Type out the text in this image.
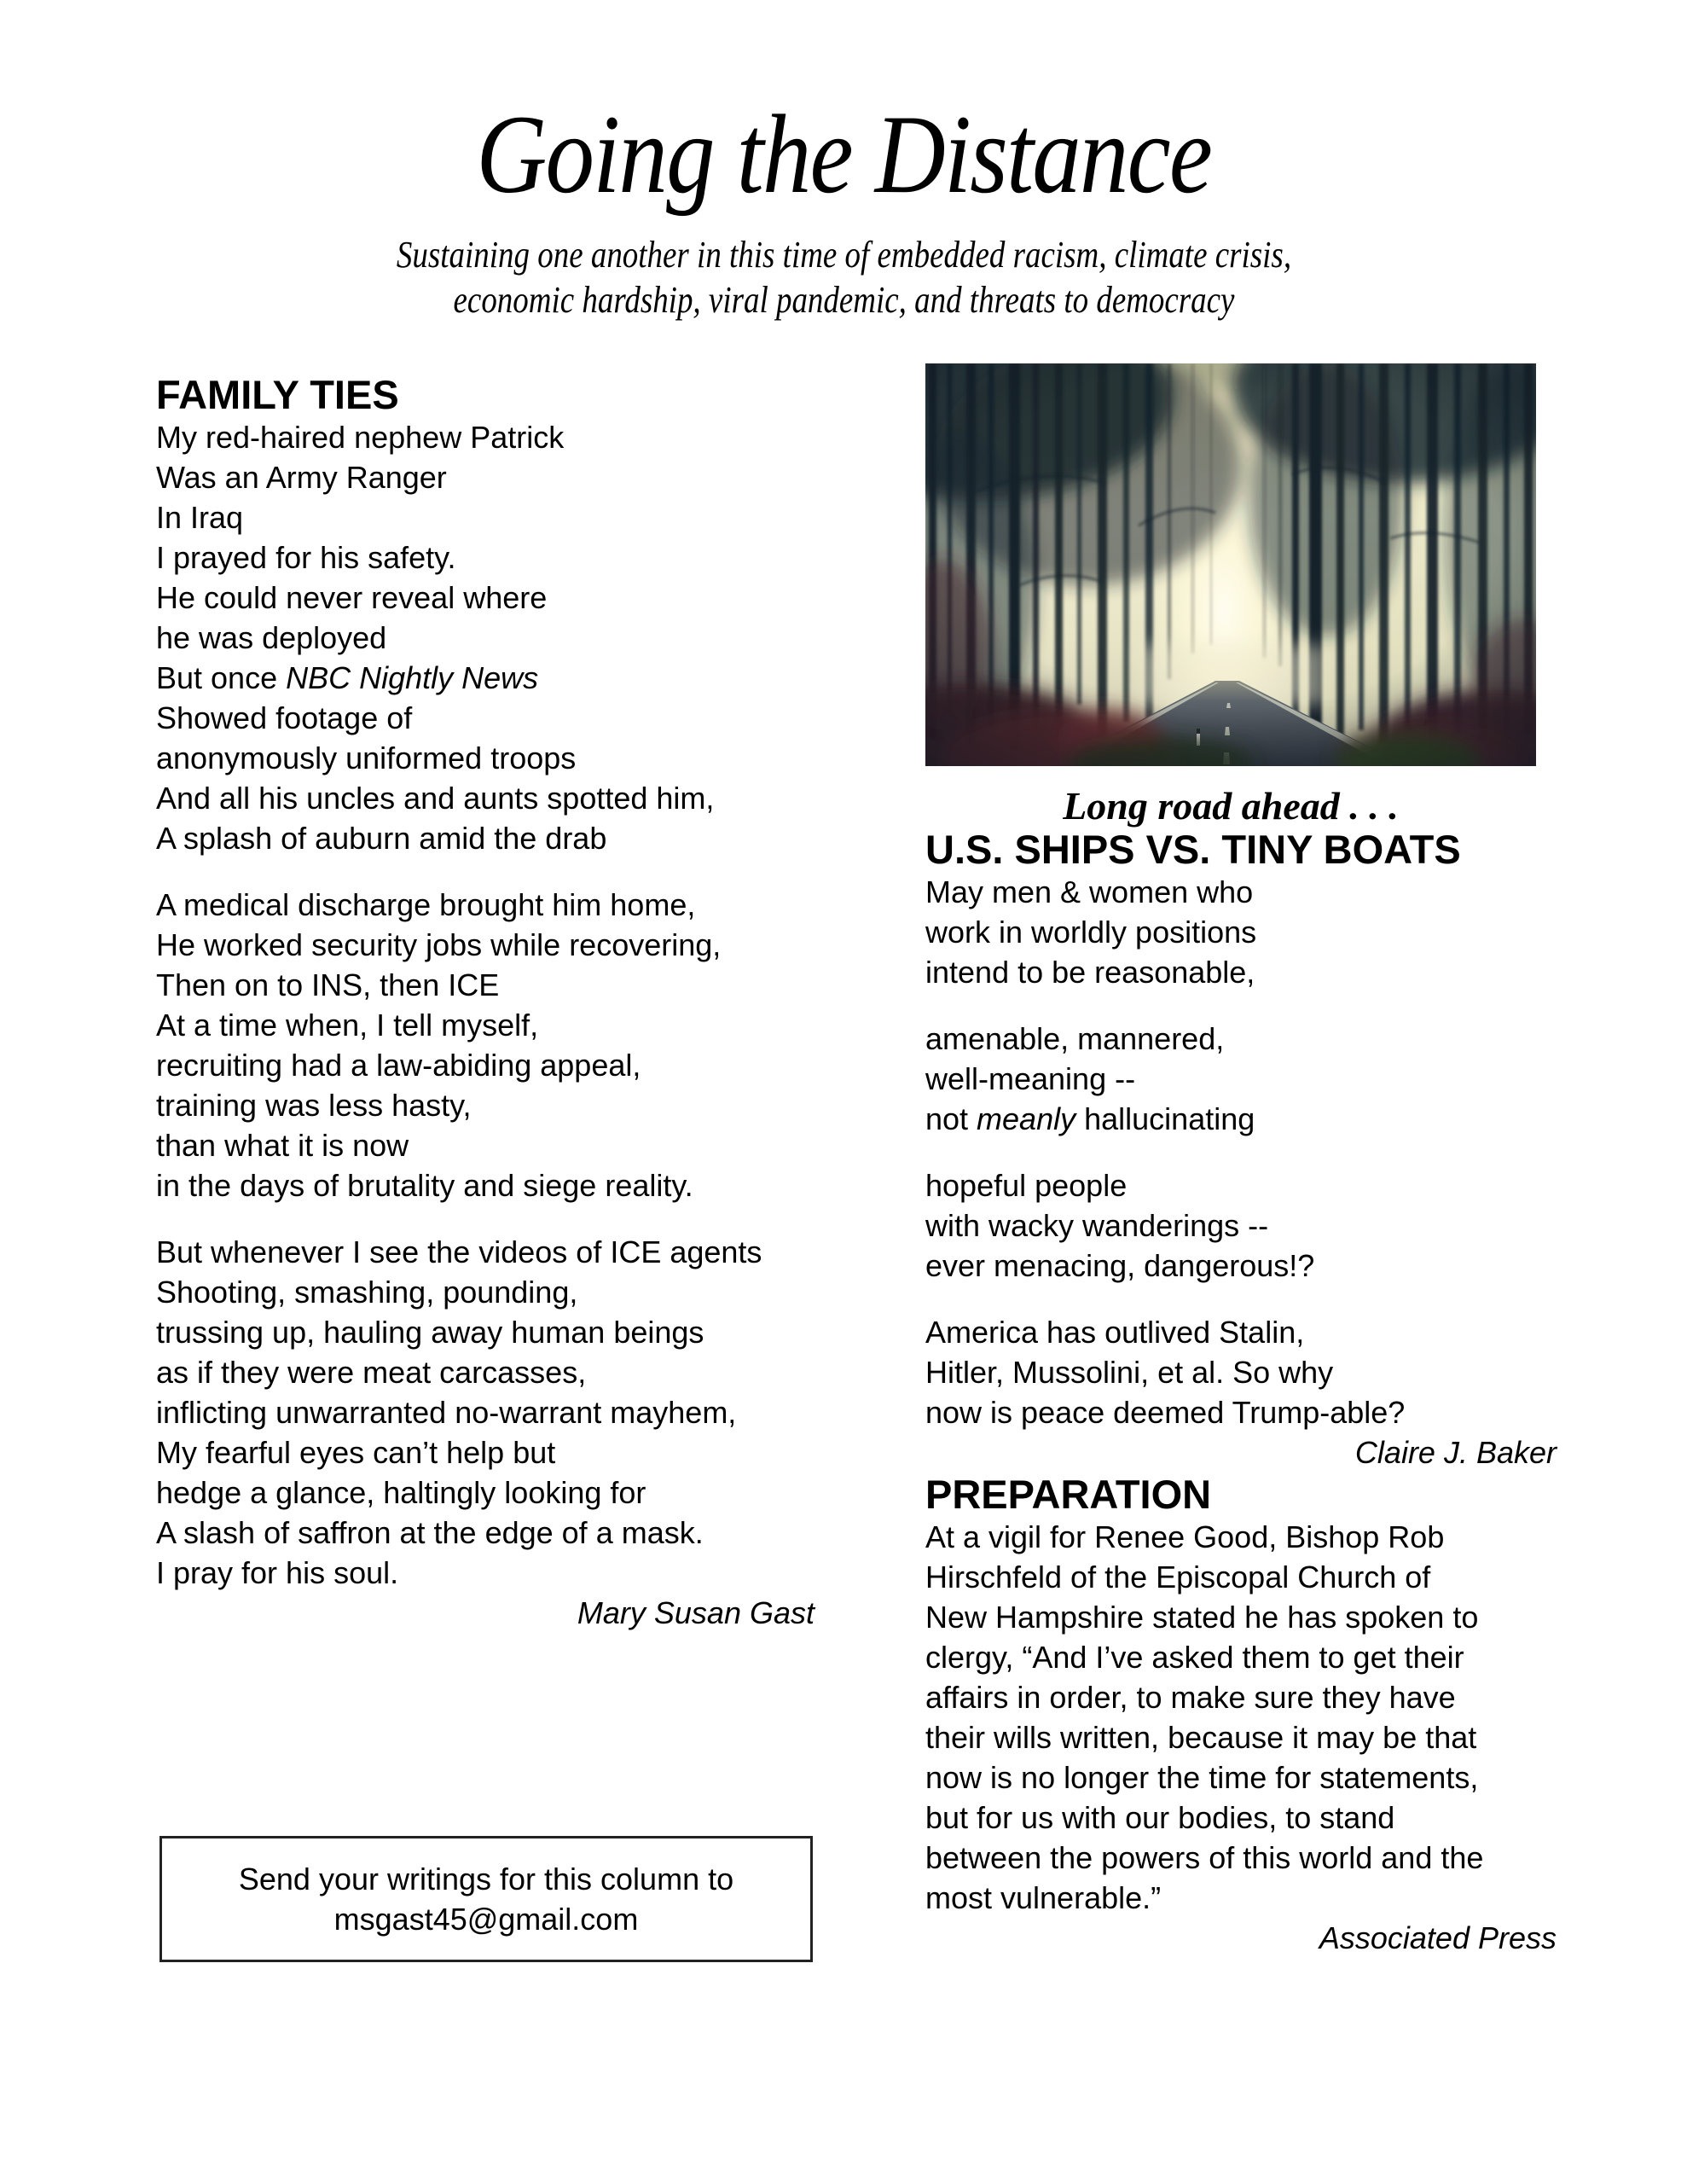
Going the Distance
Sustaining one another in this time of embedded racism, climate crisis,
economic hardship, viral pandemic, and threats to democracy
FAMILY TIES
My red-haired nephew Patrick
Was an Army Ranger
In Iraq
I prayed for his safety.
He could never reveal where
he was deployed
But once NBC Nightly News
Showed footage of
anonymously uniformed troops
And all his uncles and aunts spotted him,
A splash of auburn amid the drab
A medical discharge brought him home,
He worked security jobs while recovering,
Then on to INS, then ICE
At a time when, I tell myself,
recruiting had a law-abiding appeal,
training was less hasty,
than what it is now
in the days of brutality and siege reality.
But whenever I see the videos of ICE agents
Shooting, smashing, pounding,
trussing up, hauling away human beings
as if they were meat carcasses,
inflicting unwarranted no-warrant mayhem,
My fearful eyes can’t help but
hedge a glance, haltingly looking for
A slash of saffron at the edge of a mask.
I pray for his soul.
Mary Susan Gast
Send your writings for this column to
msgast45@gmail.com
Long road ahead . . .
U.S. SHIPS VS. TINY BOATS
May men & women who
work in worldly positions
intend to be reasonable,
amenable, mannered,
well-meaning --
not meanly hallucinating
hopeful people
with wacky wanderings --
ever menacing, dangerous!?
America has outlived Stalin,
Hitler, Mussolini, et al. So why
now is peace deemed Trump-able?
Claire J. Baker
PREPARATION
At a vigil for Renee Good, Bishop Rob
Hirschfeld of the Episcopal Church of
New Hampshire stated he has spoken to
clergy, “And I’ve asked them to get their
affairs in order, to make sure they have
their wills written, because it may be that
now is no longer the time for statements,
but for us with our bodies, to stand
between the powers of this world and the
most vulnerable.”
Associated Press
